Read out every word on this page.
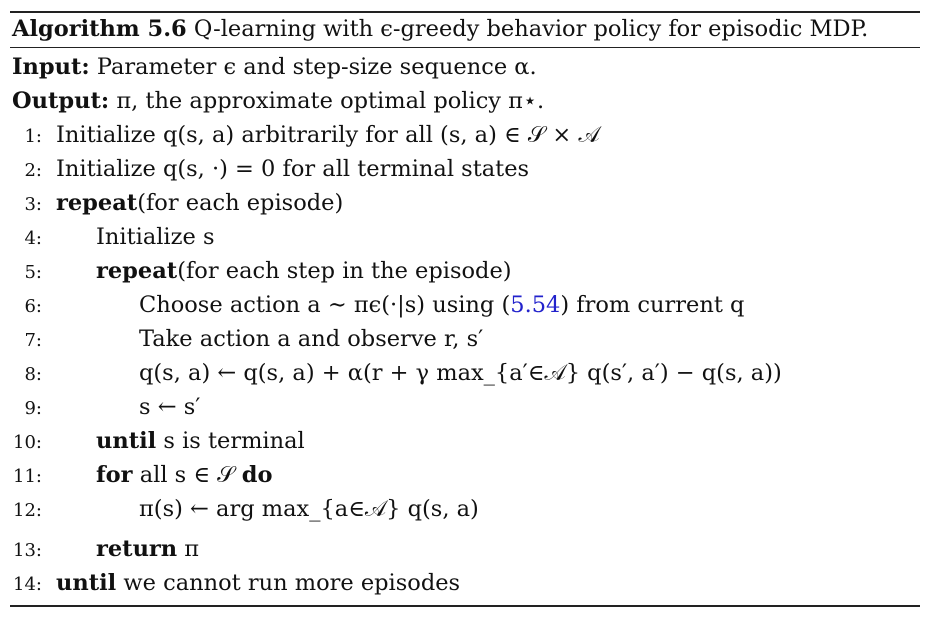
Algorithm 5.6 Q-learning with ϵ-greedy behavior policy for episodic MDP.
Input: Parameter ϵ and step-size sequence α.
Output: π, the approximate optimal policy π⋆.
1: Initialize q(s, a) arbitrarily for all (s, a) ∈ 𝒮 × 𝒜
2: Initialize q(s, ·) = 0 for all terminal states
3: repeat(for each episode)
4: Initialize s
5: repeat(for each step in the episode)
6:	Choose action a ∼ πϵ(·|s) using (5.54) from current q
7:	Take action a and observe r, s′
8:	q(s, a) ← q(s, a) + α(r + γ max_{a′∈𝒜} q(s′, a′) − q(s, a))
9:	s ← s′
10: until s is terminal
11: for all s ∈ 𝒮 do
12:	π(s) ← arg max_{a∈𝒜} q(s, a)
13: return π
14: until we cannot run more episodes
